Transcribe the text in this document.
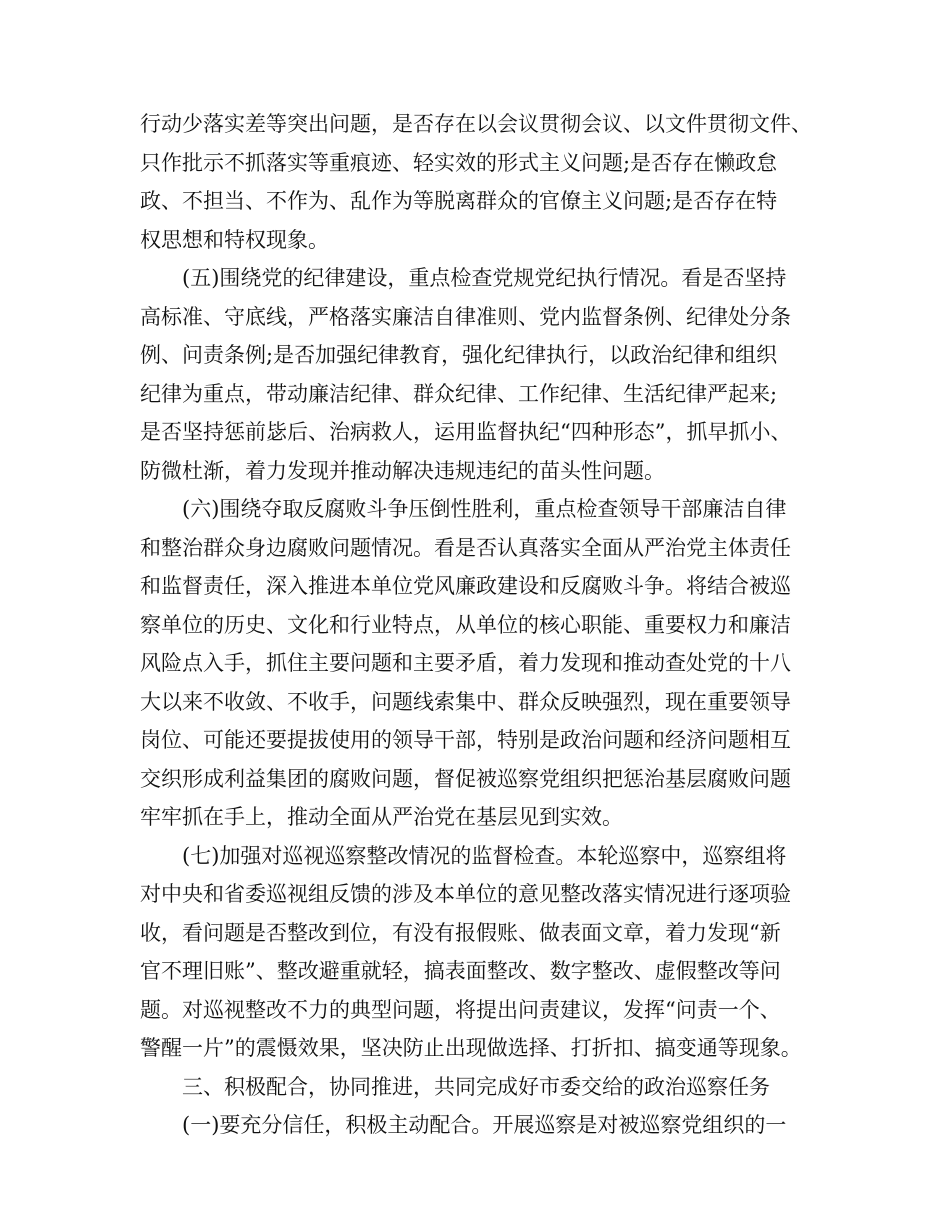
行动少落实差等突出问题，是否存在以会议贯彻会议、以文件贯彻文件、
只作批示不抓落实等重痕迹、轻实效的形式主义问题;是否存在懒政怠
政、不担当、不作为、乱作为等脱离群众的官僚主义问题;是否存在特
权思想和特权现象。
(五)围绕党的纪律建设，重点检查党规党纪执行情况。看是否坚持
高标准、守底线，严格落实廉洁自律准则、党内监督条例、纪律处分条
例、问责条例;是否加强纪律教育，强化纪律执行，以政治纪律和组织
纪律为重点，带动廉洁纪律、群众纪律、工作纪律、生活纪律严起来;
是否坚持惩前毖后、治病救人，运用监督执纪“四种形态”，抓早抓小、
防微杜渐，着力发现并推动解决违规违纪的苗头性问题。
(六)围绕夺取反腐败斗争压倒性胜利，重点检查领导干部廉洁自律
和整治群众身边腐败问题情况。看是否认真落实全面从严治党主体责任
和监督责任，深入推进本单位党风廉政建设和反腐败斗争。将结合被巡
察单位的历史、文化和行业特点，从单位的核心职能、重要权力和廉洁
风险点入手，抓住主要问题和主要矛盾，着力发现和推动查处党的十八
大以来不收敛、不收手，问题线索集中、群众反映强烈，现在重要领导
岗位、可能还要提拔使用的领导干部，特别是政治问题和经济问题相互
交织形成利益集团的腐败问题，督促被巡察党组织把惩治基层腐败问题
牢牢抓在手上，推动全面从严治党在基层见到实效。
(七)加强对巡视巡察整改情况的监督检查。本轮巡察中，巡察组将
对中央和省委巡视组反馈的涉及本单位的意见整改落实情况进行逐项验
收，看问题是否整改到位，有没有报假账、做表面文章，着力发现“新
官不理旧账”、整改避重就轻，搞表面整改、数字整改、虚假整改等问
题。对巡视整改不力的典型问题，将提出问责建议，发挥“问责一个、
警醒一片”的震慑效果，坚决防止出现做选择、打折扣、搞变通等现象。
三、积极配合，协同推进，共同完成好市委交给的政治巡察任务
(一)要充分信任，积极主动配合。开展巡察是对被巡察党组织的一
